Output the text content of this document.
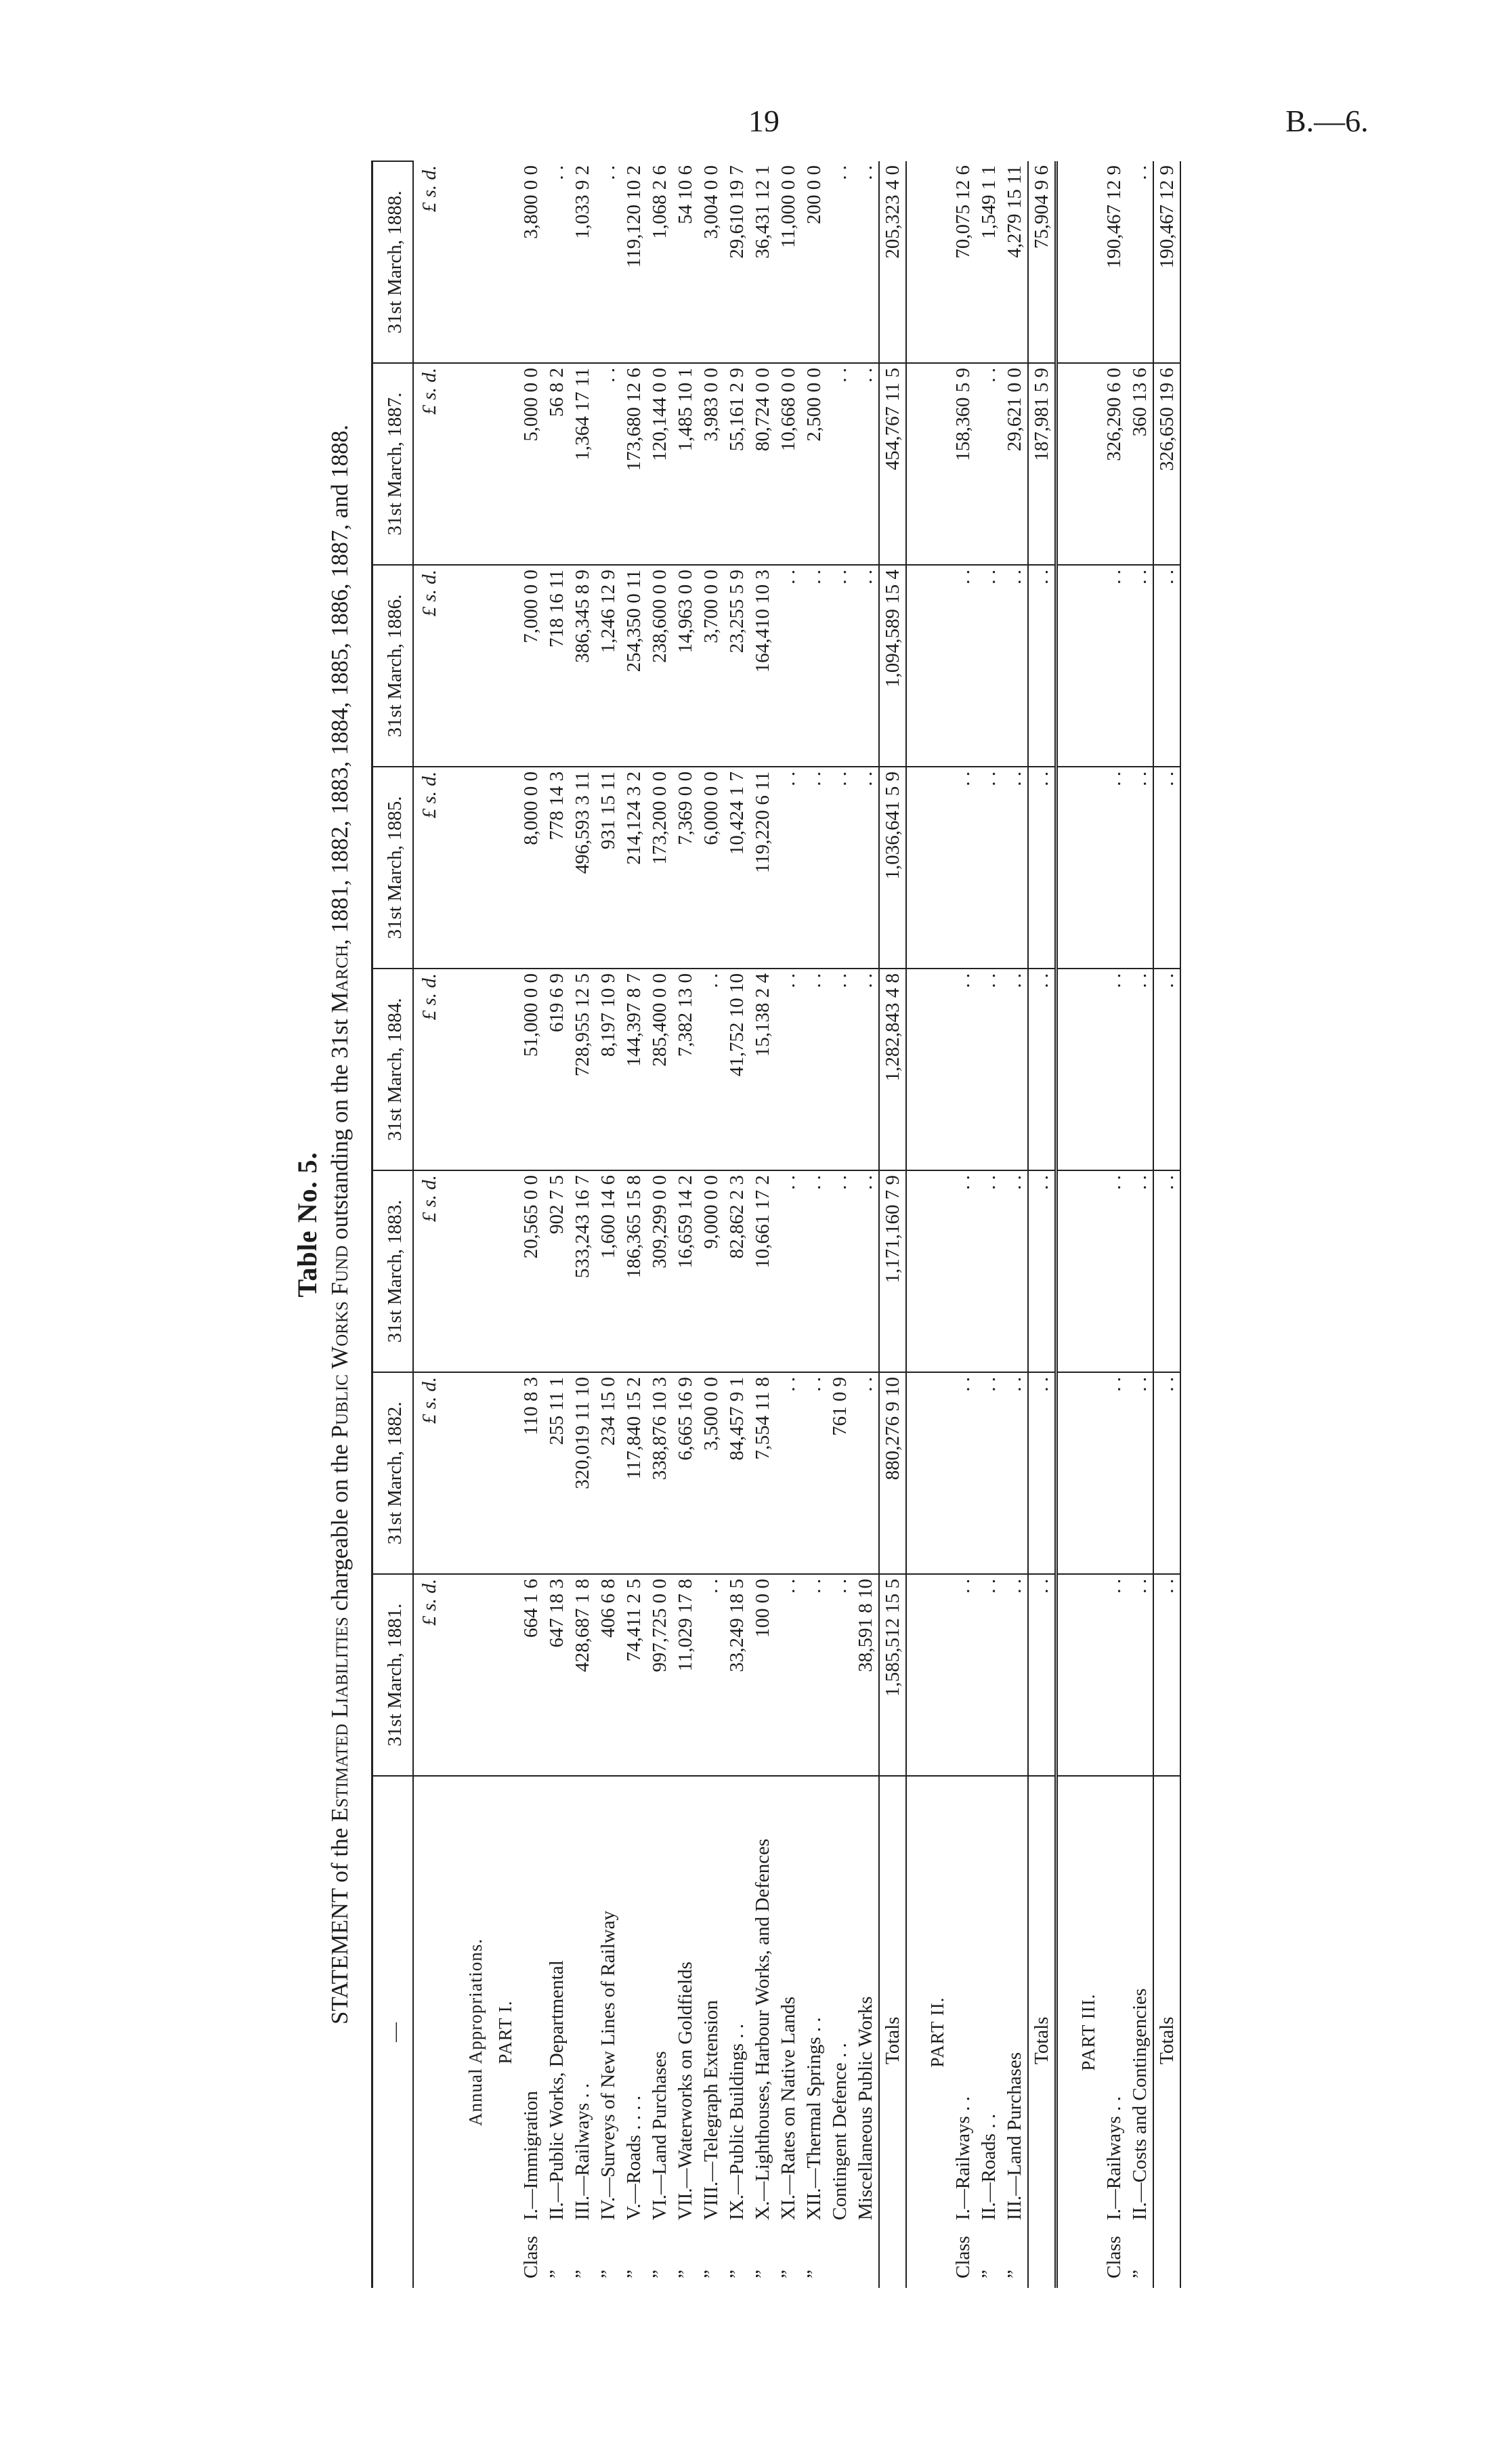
19	B.—6.
Table No. 5.
STATEMENT of the Estimated Liabilities chargeable on the Public Works Fund outstanding on the 31st March, 1881, 1882, 1883, 1884, 1885, 1886, 1887, and 1888.
—	31st March, 1881.	31st March, 1882.	31st March, 1883.	31st March, 1884.	31st March, 1885.	31st March, 1886.	31st March, 1887.	31st March, 1888.
	£ s. d.	£ s. d.	£ s. d.	£ s. d.	£ s. d.	£ s. d.	£ s. d.	£ s. d.
Annual Appropriations.								
PART I.								
ClassI.—Immigration	664 1 6	110 8 3	20,565 0 0	51,000 0 0	8,000 0 0	7,000 0 0	5,000 0 0	3,800 0 0
”II.—Public Works, Departmental	647 18 3	255 11 1	902 7 5	619 6 9	778 14 3	718 16 11	56 8 2	. .
”III.—Railways . .	428,687 1 8	320,019 11 10	533,243 16 7	728,955 12 5	496,593 3 11	386,345 8 9	1,364 17 11	1,033 9 2
”IV.—Surveys of New Lines of Railway	406 6 8	234 15 0	1,600 14 6	8,197 10 9	931 15 11	1,246 12 9	. .	. .
”V.—Roads . . . .	74,411 2 5	117,840 15 2	186,365 15 8	144,397 8 7	214,124 3 2	254,350 0 11	173,680 12 6	119,120 10 2
”VI.—Land Purchases	997,725 0 0	338,876 10 3	309,299 0 0	285,400 0 0	173,200 0 0	238,600 0 0	120,144 0 0	1,068 2 6
”VII.—Waterworks on Goldfields	11,029 17 8	6,665 16 9	16,659 14 2	7,382 13 0	7,369 0 0	14,963 0 0	1,485 10 1	54 10 6
”VIII.—Telegraph Extension	. .	3,500 0 0	9,000 0 0	. .	6,000 0 0	3,700 0 0	3,983 0 0	3,004 0 0
”IX.—Public Buildings . .	33,249 18 5	84,457 9 1	82,862 2 3	41,752 10 10	10,424 1 7	23,255 5 9	55,161 2 9	29,610 19 7
”X.—Lighthouses, Harbour Works, and Defences	100 0 0	7,554 11 8	10,661 17 2	15,138 2 4	119,220 6 11	164,410 10 3	80,724 0 0	36,431 12 1
”XI.—Rates on Native Lands	. .	. .	. .	. .	. .	. .	10,668 0 0	11,000 0 0
”XII.—Thermal Springs . .	. .	. .	. .	. .	. .	. .	2,500 0 0	200 0 0
Contingent Defence . .	. .	761 0 9	. .	. .	. .	. .	. .	. .
Miscellaneous Public Works	38,591 8 10	. .	. .	. .	. .	. .	. .	. .
Totals	1,585,512 15 5	880,276 9 10	1,171,160 7 9	1,282,843 4 8	1,036,641 5 9	1,094,589 15 4	454,767 11 5	205,323 4 0
PART II.								
ClassI.—Railways . .	. .	. .	. .	. .	. .	. .	158,360 5 9	70,075 12 6
”II.—Roads . .	. .	. .	. .	. .	. .	. .	. .	1,549 1 1
”III.—Land Purchases	. .	. .	. .	. .	. .	. .	29,621 0 0	4,279 15 11
Totals	. .	. .	. .	. .	. .	. .	187,981 5 9	75,904 9 6
PART III.								
ClassI.—Railways . .	. .	. .	. .	. .	. .	. .	326,290 6 0	190,467 12 9
”II.—Costs and Contingencies	. .	. .	. .	. .	. .	. .	360 13 6	. .
Totals	. .	. .	. .	. .	. .	. .	326,650 19 6	190,467 12 9
